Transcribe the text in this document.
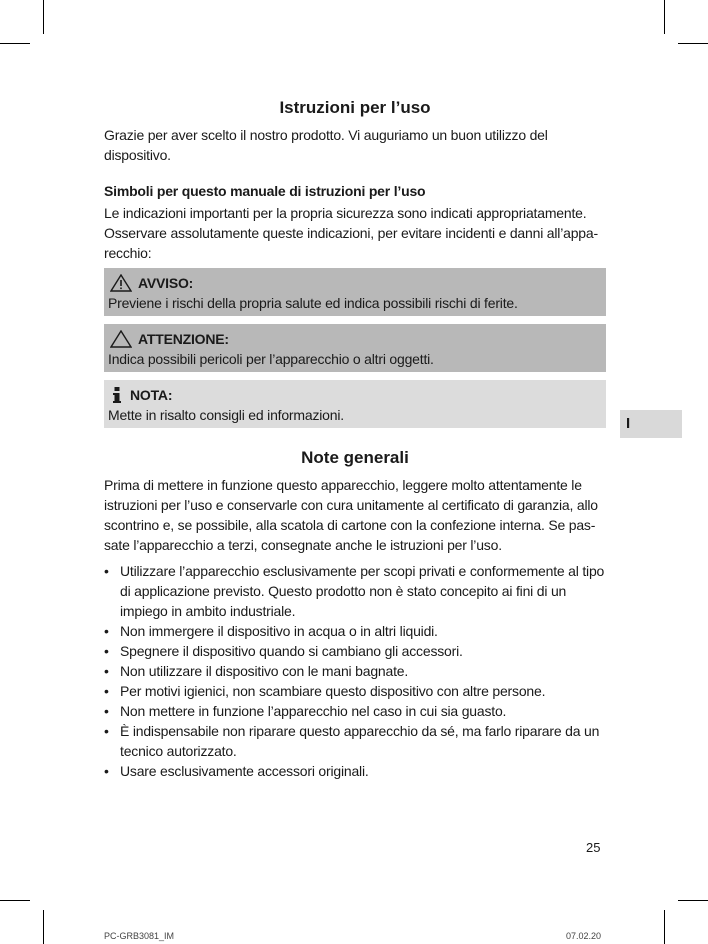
Istruzioni per l’uso

Grazie per aver scelto il nostro prodotto. Vi auguriamo un buon utilizzo del dispositivo.

Simboli per questo manuale di istruzioni per l’uso

Le indicazioni importanti per la propria sicurezza sono indicati appropriatamente. Osservare assolutamente queste indicazioni, per evitare incidenti e danni all’appa-recchio:

AVVISO:
Previene i rischi della propria salute ed indica possibili rischi di ferite.
ATTENZIONE:
Indica possibili pericoli per l’apparecchio o altri oggetti.
NOTA:
Mette in risalto consigli ed informazioni.
Note generali

Prima di mettere in funzione questo apparecchio, leggere molto attentamente le istruzioni per l’uso e conservarle con cura unitamente al certificato di garanzia, allo scontrino e, se possibile, alla scatola di cartone con la confezione interna. Se pas-sate l’apparecchio a terzi, consegnate anche le istruzioni per l’uso.

• Utilizzare l’apparecchio esclusivamente per scopi privati e conformemente al tipo di applicazione previsto. Questo prodotto non è stato concepito ai fini di un impiego in ambito industriale.
• Non immergere il dispositivo in acqua o in altri liquidi.
• Spegnere il dispositivo quando si cambiano gli accessori.
• Non utilizzare il dispositivo con le mani bagnate.
• Per motivi igienici, non scambiare questo dispositivo con altre persone.
• Non mettere in funzione l’apparecchio nel caso in cui sia guasto.
• È indispensabile non riparare questo apparecchio da sé, ma farlo riparare da un tecnico autorizzato.
• Usare esclusivamente accessori originali.
I
25
PC-GRB3081_IM	07.02.20
